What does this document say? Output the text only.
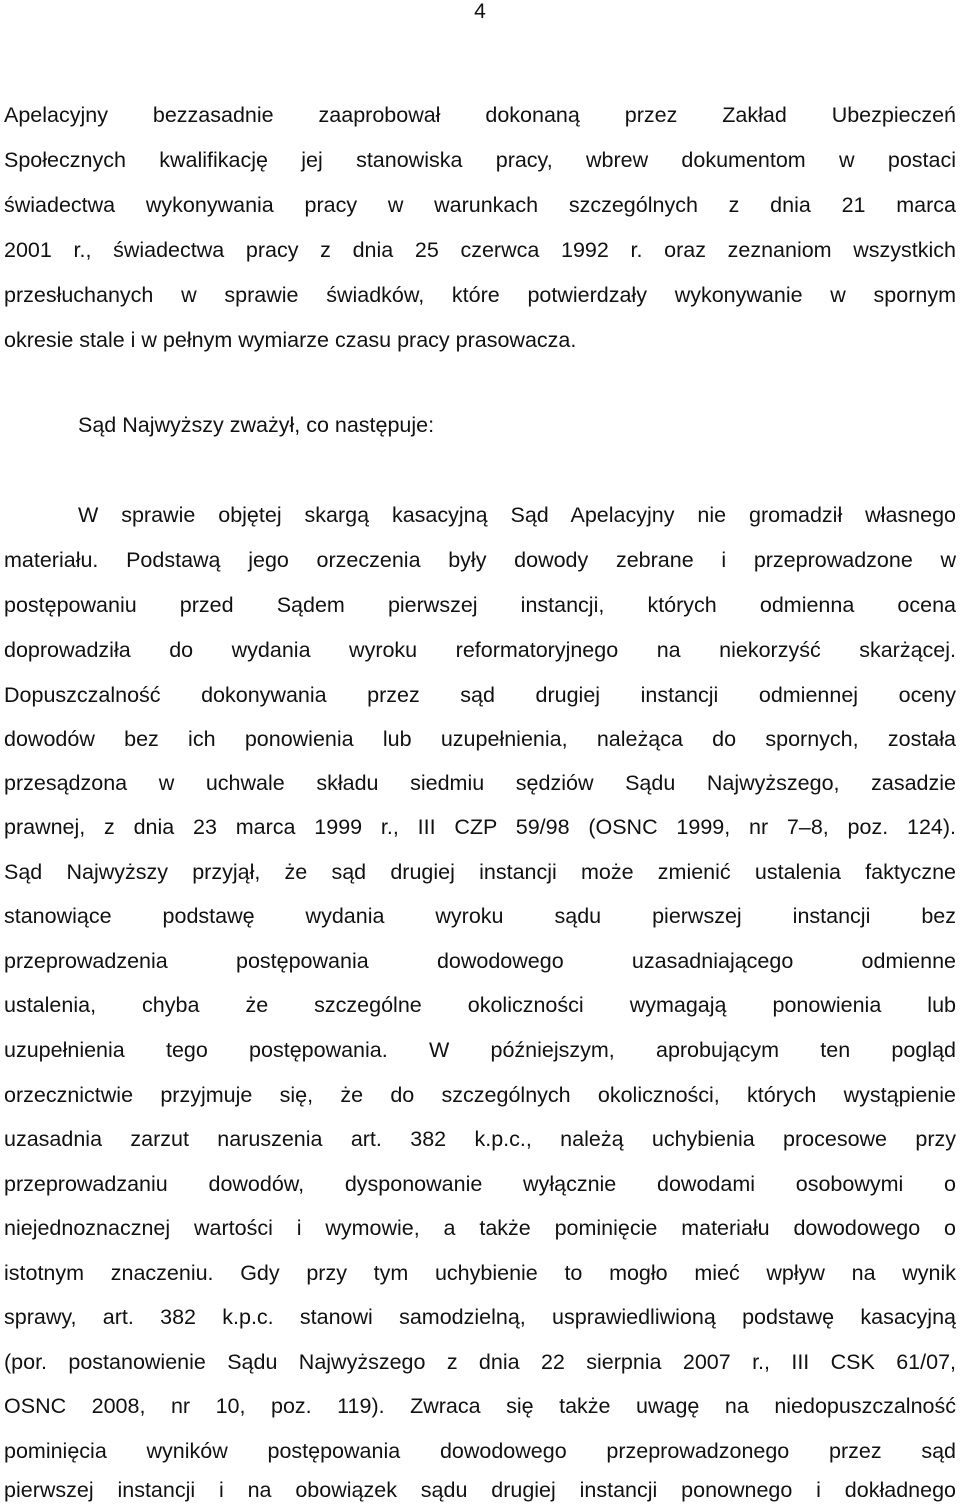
4
Apelacyjny bezzasadnie zaaprobował dokonaną przez Zakład Ubezpieczeń
Społecznych kwalifikację jej stanowiska pracy, wbrew dokumentom w postaci
świadectwa wykonywania pracy w warunkach szczególnych z dnia 21 marca
2001 r., świadectwa pracy z dnia 25 czerwca 1992 r. oraz zeznaniom wszystkich
przesłuchanych w sprawie świadków, które potwierdzały wykonywanie w spornym
okresie stale i w pełnym wymiarze czasu pracy prasowacza.
Sąd Najwyższy zważył, co następuje:
W sprawie objętej skargą kasacyjną Sąd Apelacyjny nie gromadził własnego
materiału. Podstawą jego orzeczenia były dowody zebrane i przeprowadzone w
postępowaniu przed Sądem pierwszej instancji, których odmienna ocena
doprowadziła do wydania wyroku reformatoryjnego na niekorzyść skarżącej.
Dopuszczalność dokonywania przez sąd drugiej instancji odmiennej oceny
dowodów bez ich ponowienia lub uzupełnienia, należąca do spornych, została
przesądzona w uchwale składu siedmiu sędziów Sądu Najwyższego, zasadzie
prawnej, z dnia 23 marca 1999 r., III CZP 59/98 (OSNC 1999, nr 7–8, poz. 124).
Sąd Najwyższy przyjął, że sąd drugiej instancji może zmienić ustalenia faktyczne
stanowiące podstawę wydania wyroku sądu pierwszej instancji bez
przeprowadzenia postępowania dowodowego uzasadniającego odmienne
ustalenia, chyba że szczególne okoliczności wymagają ponowienia lub
uzupełnienia tego postępowania. W późniejszym, aprobującym ten pogląd
orzecznictwie przyjmuje się, że do szczególnych okoliczności, których wystąpienie
uzasadnia zarzut naruszenia art. 382 k.p.c., należą uchybienia procesowe przy
przeprowadzaniu dowodów, dysponowanie wyłącznie dowodami osobowymi o
niejednoznacznej wartości i wymowie, a także pominięcie materiału dowodowego o
istotnym znaczeniu. Gdy przy tym uchybienie to mogło mieć wpływ na wynik
sprawy, art. 382 k.p.c. stanowi samodzielną, usprawiedliwioną podstawę kasacyjną
(por. postanowienie Sądu Najwyższego z dnia 22 sierpnia 2007 r., III CSK 61/07,
OSNC 2008, nr 10, poz. 119). Zwraca się także uwagę na niedopuszczalność
pominięcia wyników postępowania dowodowego przeprowadzonego przez sąd
pierwszej instancji i na obowiązek sądu drugiej instancji ponownego i dokładnego
